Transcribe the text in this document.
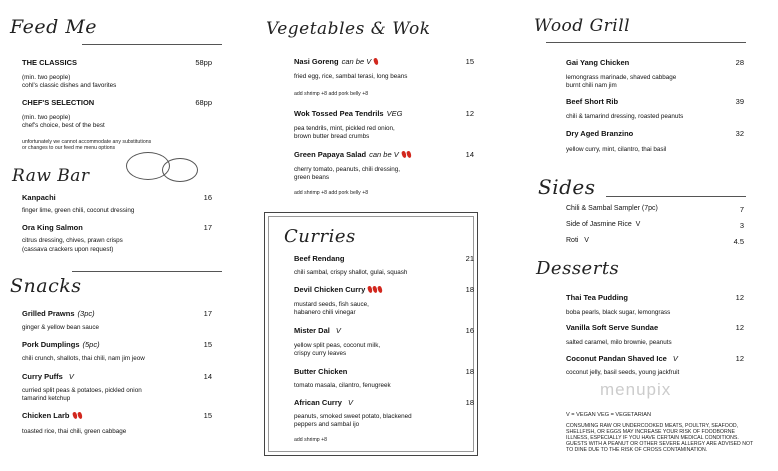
Feed Me
THE CLASSICS	58pp
(min. two people)
cohl's classic dishes and favorites
CHEF'S SELECTION	68pp
(min. two people)
chef's choice, best of the best
unfortunately we cannot accommodate any substitutions
or changes to our feed me menu options
Raw Bar
Kanpachi	16
finger lime, green chili, coconut dressing
Ora King Salmon	17
citrus dressing, chives, prawn crisps
(cassava crackers upon request)
Snacks
Grilled Prawns (3pc)	17
ginger & yellow bean sauce
Pork Dumplings (5pc)	15
chili crunch, shallots, thai chili, nam jim jeow
Curry Puffs V	14
curried split peas & potatoes, pickled onion
tamarind ketchup
Chicken Larb	15
toasted rice, thai chili, green cabbage
Vegetables & Wok
Nasi Goreng can be V	15
fried egg, rice, sambal terasi, long beans
add shrimp +8 add pork belly +8
Wok Tossed Pea Tendrils VEG	12
pea tendrils, mint, pickled red onion,
brown butter bread crumbs
Green Papaya Salad can be V	14
cherry tomato, peanuts, chili dressing,
green beans
add shrimp +8 add pork belly +8
Curries
Beef Rendang	21
chili sambal, crispy shallot, gulai, squash
Devil Chicken Curry	18
mustard seeds, fish sauce,
habanero chili vinegar
Mister Dal V	16
yellow split peas, coconut milk,
crispy curry leaves
Butter Chicken	18
tomato masala, cilantro, fenugreek
African Curry V	18
peanuts, smoked sweet potato, blackened
peppers and sambal ijo
add shrimp +8
Wood Grill
Gai Yang Chicken	28
lemongrass marinade, shaved cabbage
burnt chili nam jim
Beef Short Rib	39
chili & tamarind dressing, roasted peanuts
Dry Aged Branzino	32
yellow curry, mint, cilantro, thai basil
Sides
Chili & Sambal Sampler (7pc)	7
Side of Jasmine Rice V	3
Roti V	4.5
Desserts
Thai Tea Pudding	12
boba pearls, black sugar, lemongrass
Vanilla Soft Serve Sundae	12
salted caramel, milo brownie, peanuts
Coconut Pandan Shaved Ice V	12
coconut jelly, basil seeds, young jackfruit
menupix
V = VEGAN VEG = VEGETARIAN
CONSUMING RAW OR UNDERCOOKED MEATS, POULTRY, SEAFOOD,
SHELLFISH, OR EGGS MAY INCREASE YOUR RISK OF FOODBORNE
ILLNESS, ESPECIALLY IF YOU HAVE CERTAIN MEDICAL CONDITIONS.
GUESTS WITH A PEANUT OR OTHER SEVERE ALLERGY ARE ADVISED NOT
TO DINE DUE TO THE RISK OF CROSS CONTAMINATION.
